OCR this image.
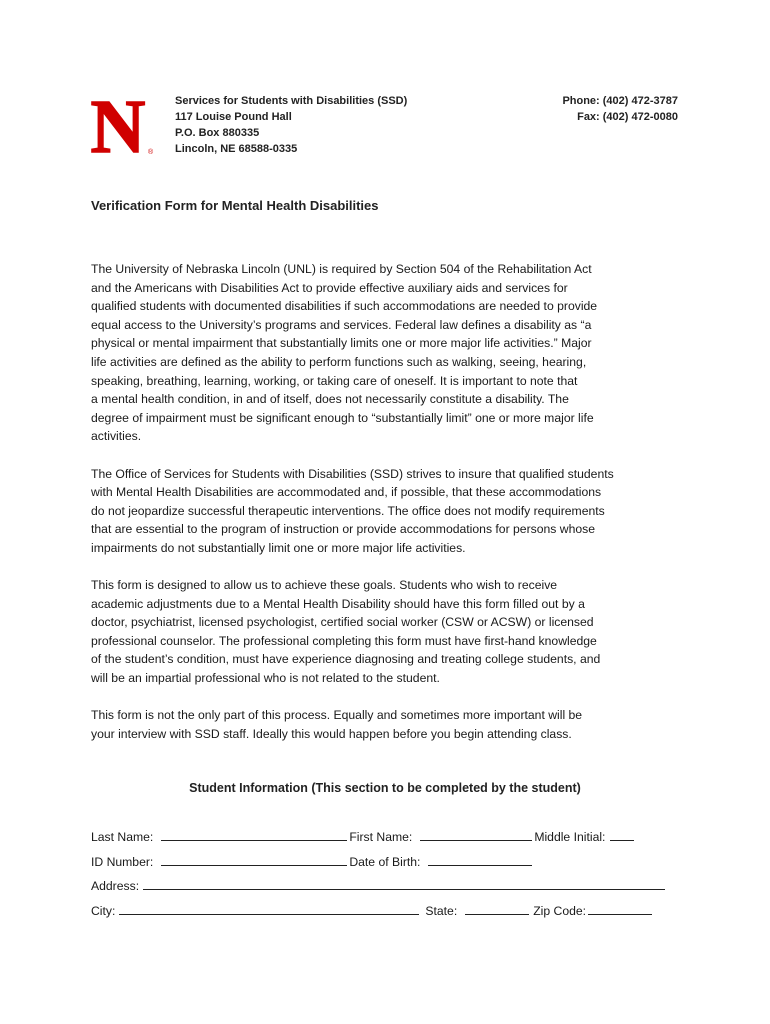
N ®
Services for Students with Disabilities (SSD)
117 Louise Pound Hall
P.O. Box 880335
Lincoln, NE 68588-0335
Phone: (402) 472-3787
Fax: (402) 472-0080
Verification Form for Mental Health Disabilities

The University of Nebraska Lincoln (UNL) is required by Section 504 of the Rehabilitation Act
and the Americans with Disabilities Act to provide effective auxiliary aids and services for
qualified students with documented disabilities if such accommodations are needed to provide
equal access to the University’s programs and services. Federal law defines a disability as “a
physical or mental impairment that substantially limits one or more major life activities.” Major
life activities are defined as the ability to perform functions such as walking, seeing, hearing,
speaking, breathing, learning, working, or taking care of oneself. It is important to note that
a mental health condition, in and of itself, does not necessarily constitute a disability. The
degree of impairment must be significant enough to “substantially limit” one or more major life
activities.

The Office of Services for Students with Disabilities (SSD) strives to insure that qualified students
with Mental Health Disabilities are accommodated and, if possible, that these accommodations
do not jeopardize successful therapeutic interventions. The office does not modify requirements
that are essential to the program of instruction or provide accommodations for persons whose
impairments do not substantially limit one or more major life activities.

This form is designed to allow us to achieve these goals. Students who wish to receive
academic adjustments due to a Mental Health Disability should have this form filled out by a
doctor, psychiatrist, licensed psychologist, certified social worker (CSW or ACSW) or licensed
professional counselor. The professional completing this form must have first-hand knowledge
of the student’s condition, must have experience diagnosing and treating college students, and
will be an impartial professional who is not related to the student.

This form is not the only part of this process. Equally and sometimes more important will be
your interview with SSD staff. Ideally this would happen before you begin attending class.

Student Information (This section to be completed by the student)
Last Name:	First Name:	Middle Initial:
ID Number:	Date of Birth:
Address:
City:	State:	Zip Code:
